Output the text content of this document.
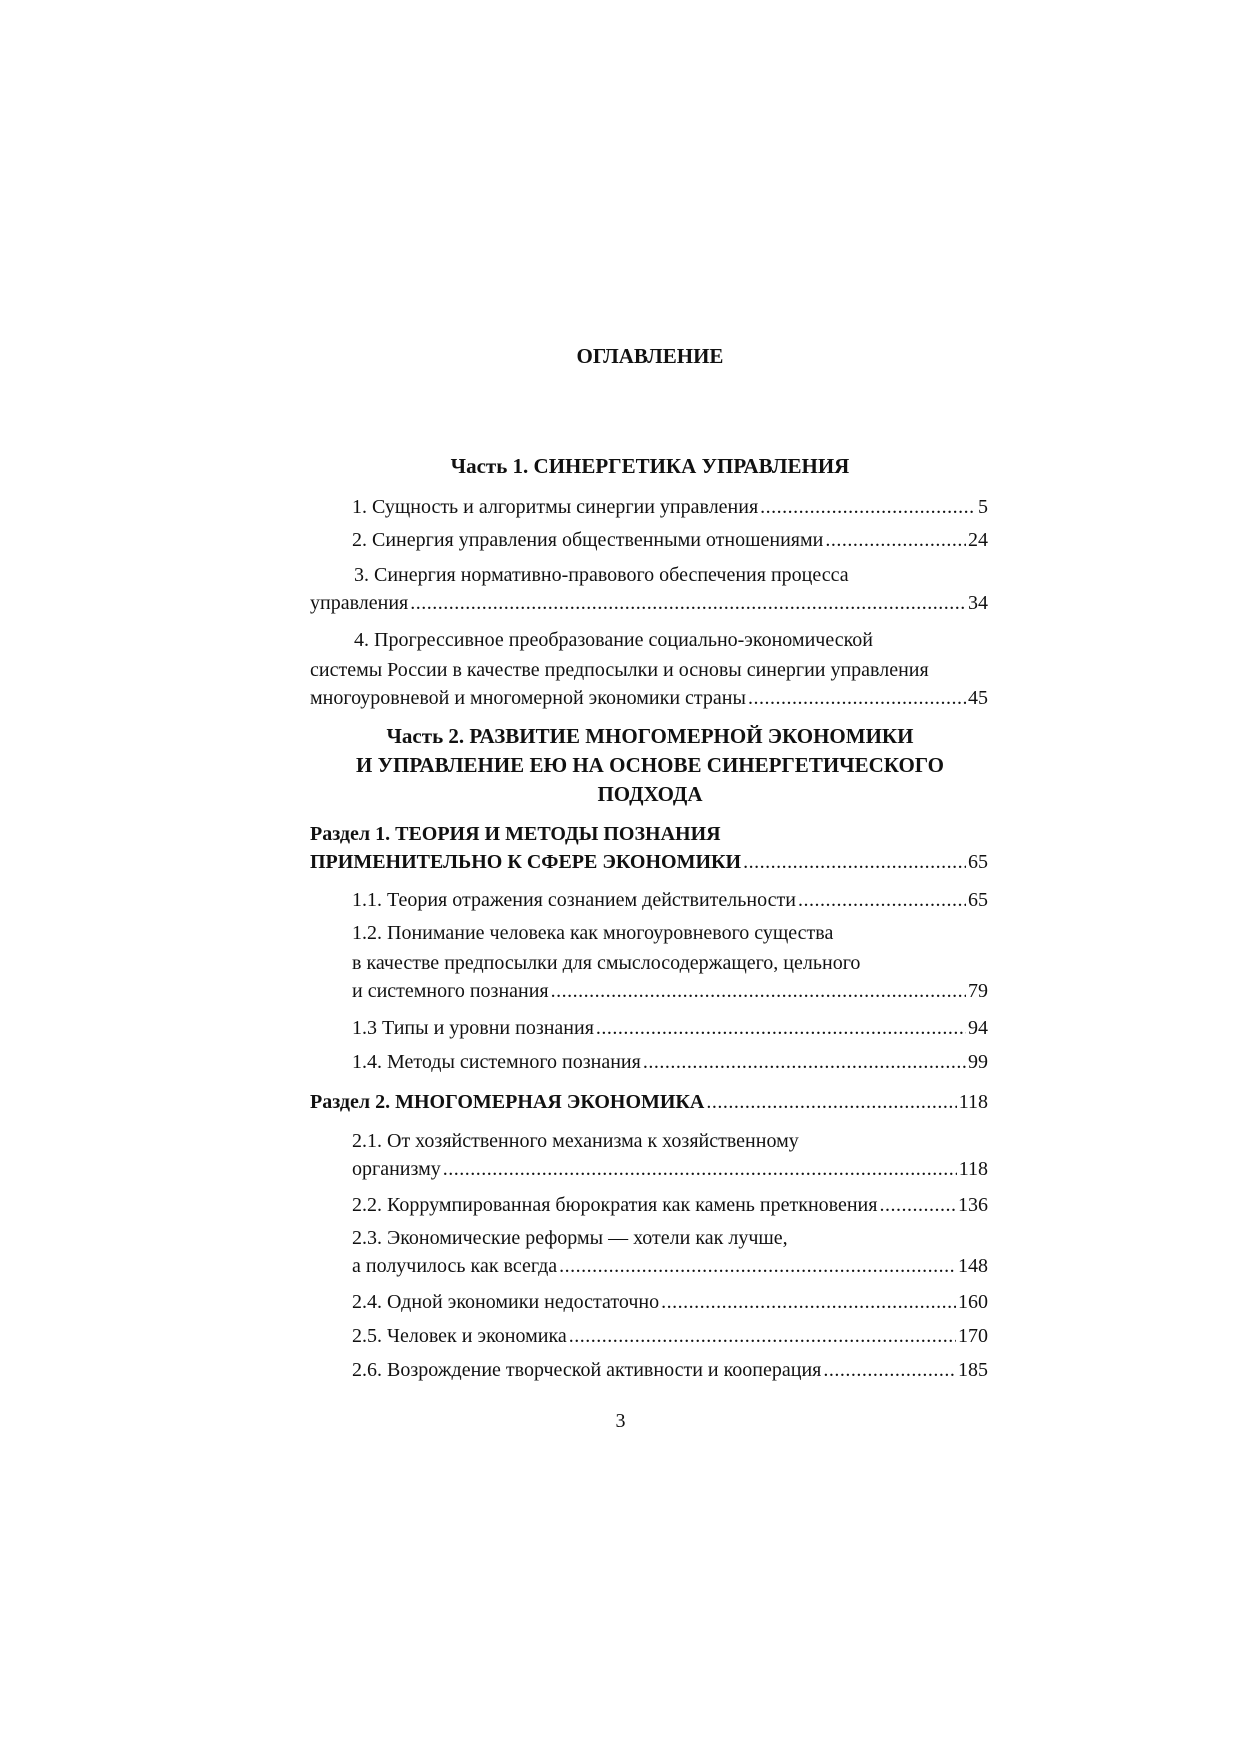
ОГЛАВЛЕНИЕ
Часть 1. СИНЕРГЕТИКА УПРАВЛЕНИЯ
1. Сущность и алгоритмы синергии управления .....	5
2. Синергия управления общественными отношениями .....	24
3. Синергия нормативно-правового обеспечения процесса
управления .....	34
4. Прогрессивное преобразование социально-экономической
системы России в качестве предпосылки и основы синергии управления
многоуровневой и многомерной экономики страны .....	45
Часть 2. РАЗВИТИЕ МНОГОМЕРНОЙ ЭКОНОМИКИ
И УПРАВЛЕНИЕ ЕЮ НА ОСНОВЕ СИНЕРГЕТИЧЕСКОГО
ПОДХОДА
Раздел 1. ТЕОРИЯ И МЕТОДЫ ПОЗНАНИЯ
ПРИМЕНИТЕЛЬНО К СФЕРЕ ЭКОНОМИКИ .....	65
1.1. Теория отражения сознанием действительности .....	65
1.2. Понимание человека как многоуровневого существа
в качестве предпосылки для смыслосодержащего, цельного
и системного познания .....	79
1.3 Типы и уровни познания .....	94
1.4. Методы системного познания .....	99
Раздел 2. МНОГОМЕРНАЯ ЭКОНОМИКА .....	118
2.1. От хозяйственного механизма к хозяйственному
организму .....	118
2.2. Коррумпированная бюрократия как камень преткновения .....	136
2.3. Экономические реформы — хотели как лучше,
а получилось как всегда .....	148
2.4. Одной экономики недостаточно .....	160
2.5. Человек и экономика .....	170
2.6. Возрождение творческой активности и кооперация .....	185
3
